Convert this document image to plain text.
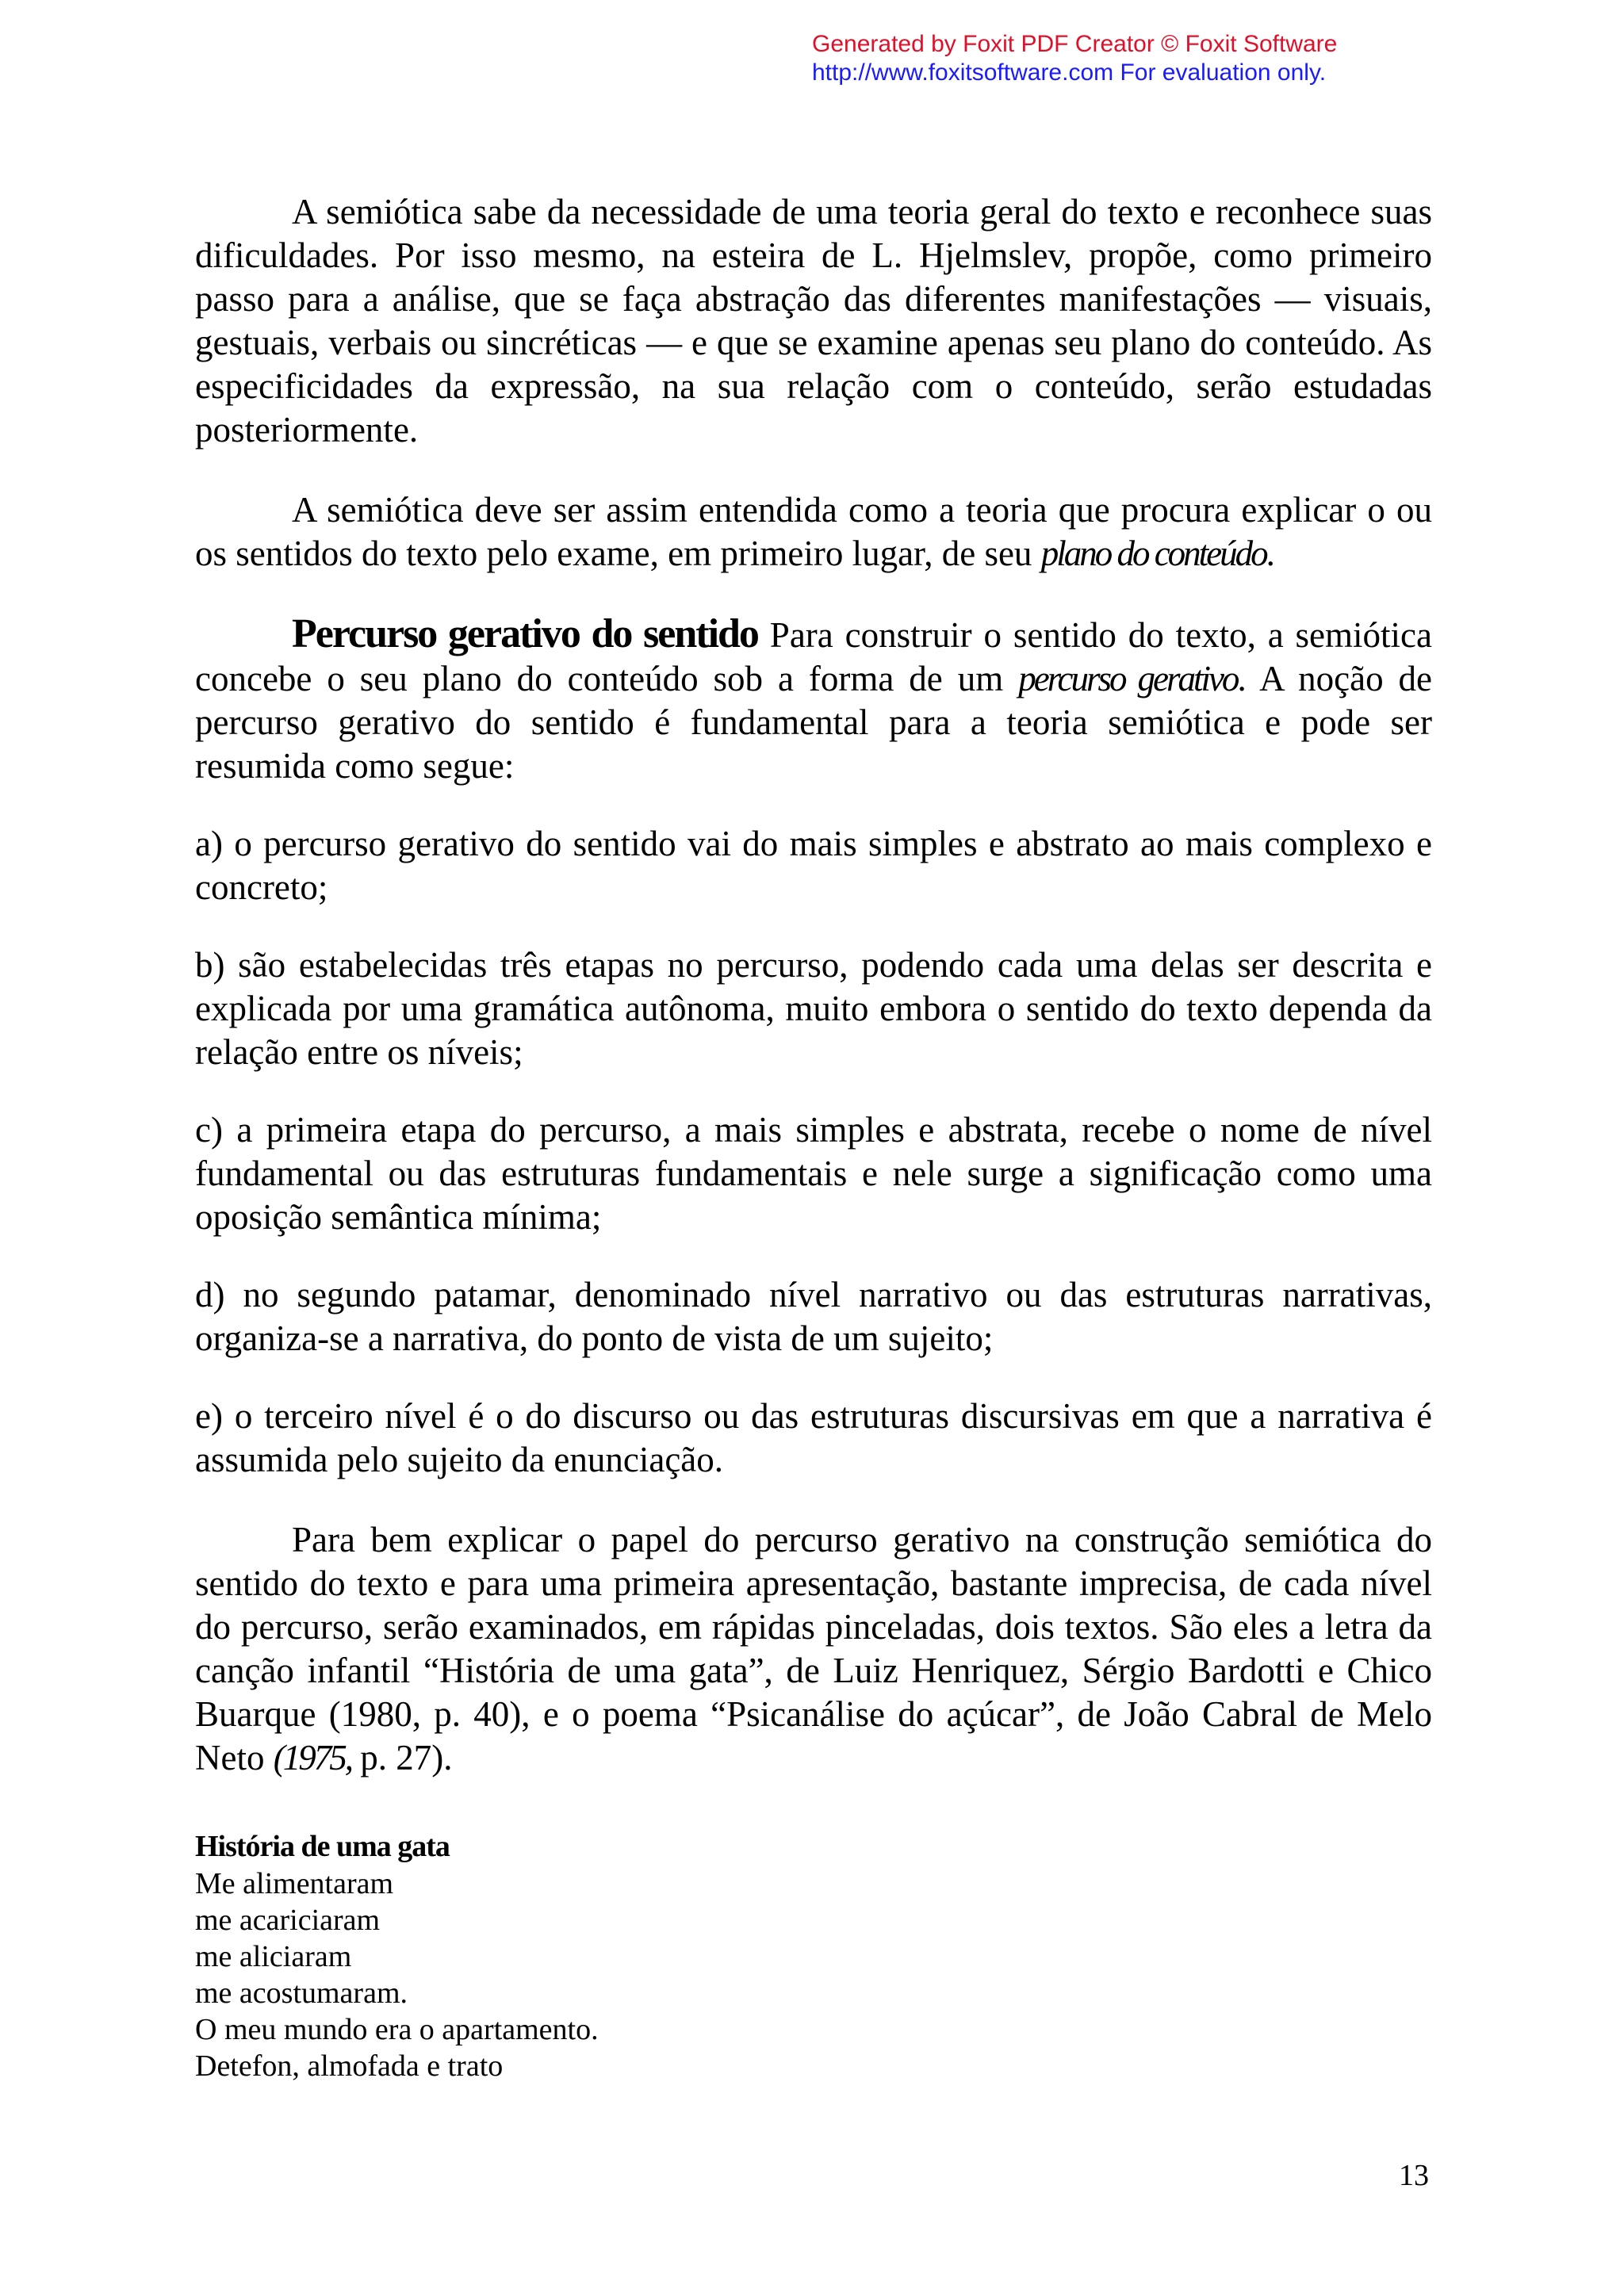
Generated by Foxit PDF Creator © Foxit Software
http://www.foxitsoftware.com For evaluation only.

A semiótica sabe da necessidade de uma teoria geral do texto e reconhece suas dificuldades. Por isso mesmo, na esteira de L. Hjelmslev, propõe, como primeiro passo para a análise, que se faça abstração das diferentes manifestações — visuais, gestuais, verbais ou sincréticas — e que se examine apenas seu plano do conteúdo. As especificidades da expressão, na sua relação com o conteúdo, serão estudadas posteriormente.

A semiótica deve ser assim entendida como a teoria que procura explicar o ou os sentidos do texto pelo exame, em primeiro lugar, de seu plano do conteúdo.

Percurso gerativo do sentido Para construir o sentido do texto, a semiótica concebe o seu plano do conteúdo sob a forma de um percurso gerativo. A noção de percurso gerativo do sentido é fundamental para a teoria semiótica e pode ser resumida como segue:

a) o percurso gerativo do sentido vai do mais simples e abstrato ao mais complexo e concreto;

b) são estabelecidas três etapas no percurso, podendo cada uma delas ser descrita e explicada por uma gramática autônoma, muito embora o sentido do texto dependa da relação entre os níveis;

c) a primeira etapa do percurso, a mais simples e abstrata, recebe o nome de nível fundamental ou das estruturas fundamentais e nele surge a significação como uma oposição semântica mínima;

d) no segundo patamar, denominado nível narrativo ou das estruturas narrativas, organiza-se a narrativa, do ponto de vista de um sujeito;

e) o terceiro nível é o do discurso ou das estruturas discursivas em que a narrativa é assumida pelo sujeito da enunciação.

Para bem explicar o papel do percurso gerativo na construção semiótica do sentido do texto e para uma primeira apresentação, bastante imprecisa, de cada nível do percurso, serão examinados, em rápidas pinceladas, dois textos. São eles a letra da canção infantil “História de uma gata”, de Luiz Henriquez, Sérgio Bardotti e Chico Buarque (1980, p. 40), e o poema “Psicanálise do açúcar”, de João Cabral de Melo Neto (1975, p. 27).

História de uma gata
Me alimentaram
me acariciaram
me aliciaram
me acostumaram.
O meu mundo era o apartamento.
Detefon, almofada e trato
13
